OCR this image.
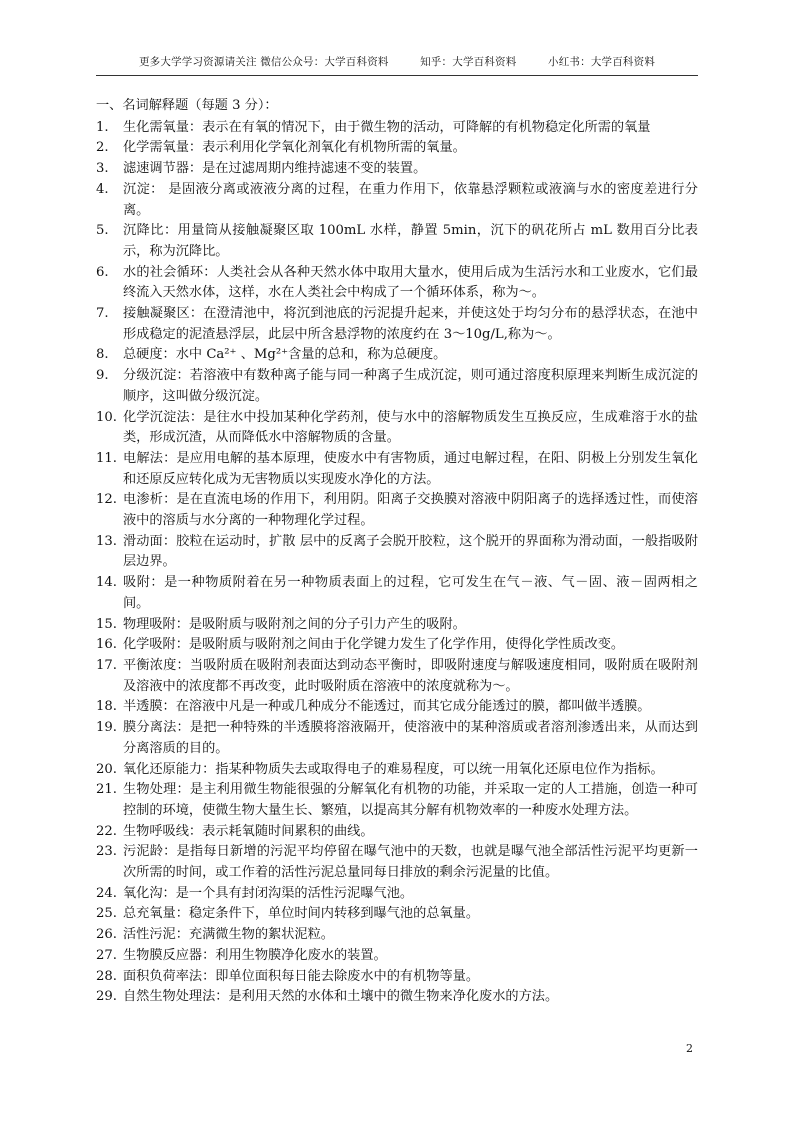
更多大学学习资源请关注 微信公众号：大学百科资料	知乎：大学百科资料	小红书：大学百科资料
一、名词解释题（每题 3 分）：
1.	生化需氧量：表示在有氧的情况下，由于微生物的活动，可降解的有机物稳定化所需的氧量
2.	化学需氧量：表示利用化学氧化剂氧化有机物所需的氧量。
3.	滤速调节器：是在过滤周期内维持滤速不变的装置。
4.	沉淀： 是固液分离或液液分离的过程，在重力作用下，依靠悬浮颗粒或液滴与水的密度差进行分离。
5.	沉降比：用量筒从接触凝聚区取 100mL 水样，静置 5min，沉下的矾花所占 mL 数用百分比表示，称为沉降比。
6.	水的社会循环：人类社会从各种天然水体中取用大量水，使用后成为生活污水和工业废水，它们最终流入天然水体，这样，水在人类社会中构成了一个循环体系，称为～。
7.	接触凝聚区：在澄清池中，将沉到池底的污泥提升起来，并使这处于均匀分布的悬浮状态，在池中形成稳定的泥渣悬浮层，此层中所含悬浮物的浓度约在 3～10g/L,称为～。
8.	总硬度：水中 Ca²⁺ 、Mg²⁺含量的总和，称为总硬度。
9.	分级沉淀：若溶液中有数种离子能与同一种离子生成沉淀，则可通过溶度积原理来判断生成沉淀的顺序，这叫做分级沉淀。
10. 化学沉淀法：是往水中投加某种化学药剂，使与水中的溶解物质发生互换反应，生成难溶于水的盐类，形成沉渣，从而降低水中溶解物质的含量。
11. 电解法：是应用电解的基本原理，使废水中有害物质，通过电解过程，在阳、阴极上分别发生氧化和还原反应转化成为无害物质以实现废水净化的方法。
12. 电渗析：是在直流电场的作用下，利用阴。阳离子交换膜对溶液中阴阳离子的选择透过性，而使溶液中的溶质与水分离的一种物理化学过程。
13. 滑动面：胶粒在运动时，扩散 层中的反离子会脱开胶粒，这个脱开的界面称为滑动面，一般指吸附层边界。
14. 吸附：是一种物质附着在另一种物质表面上的过程，它可发生在气－液、气－固、液－固两相之间。
15. 物理吸附：是吸附质与吸附剂之间的分子引力产生的吸附。
16. 化学吸附：是吸附质与吸附剂之间由于化学键力发生了化学作用，使得化学性质改变。
17. 平衡浓度：当吸附质在吸附剂表面达到动态平衡时，即吸附速度与解吸速度相同，吸附质在吸附剂及溶液中的浓度都不再改变，此时吸附质在溶液中的浓度就称为～。
18. 半透膜：在溶液中凡是一种或几种成分不能透过，而其它成分能透过的膜，都叫做半透膜。
19. 膜分离法：是把一种特殊的半透膜将溶液隔开，使溶液中的某种溶质或者溶剂渗透出来，从而达到分离溶质的目的。
20. 氧化还原能力：指某种物质失去或取得电子的难易程度，可以统一用氧化还原电位作为指标。
21. 生物处理：是主利用微生物能很强的分解氧化有机物的功能，并采取一定的人工措施，创造一种可控制的环境，使微生物大量生长、繁殖，以提高其分解有机物效率的一种废水处理方法。
22. 生物呼吸线：表示耗氧随时间累积的曲线。
23. 污泥龄：是指每日新增的污泥平均停留在曝气池中的天数，也就是曝气池全部活性污泥平均更新一次所需的时间，或工作着的活性污泥总量同每日排放的剩余污泥量的比值。
24. 氧化沟：是一个具有封闭沟渠的活性污泥曝气池。
25. 总充氧量：稳定条件下，单位时间内转移到曝气池的总氧量。
26. 活性污泥：充满微生物的絮状泥粒。
27. 生物膜反应器：利用生物膜净化废水的装置。
28. 面积负荷率法：即单位面积每日能去除废水中的有机物等量。
29. 自然生物处理法：是利用天然的水体和土壤中的微生物来净化废水的方法。
2
